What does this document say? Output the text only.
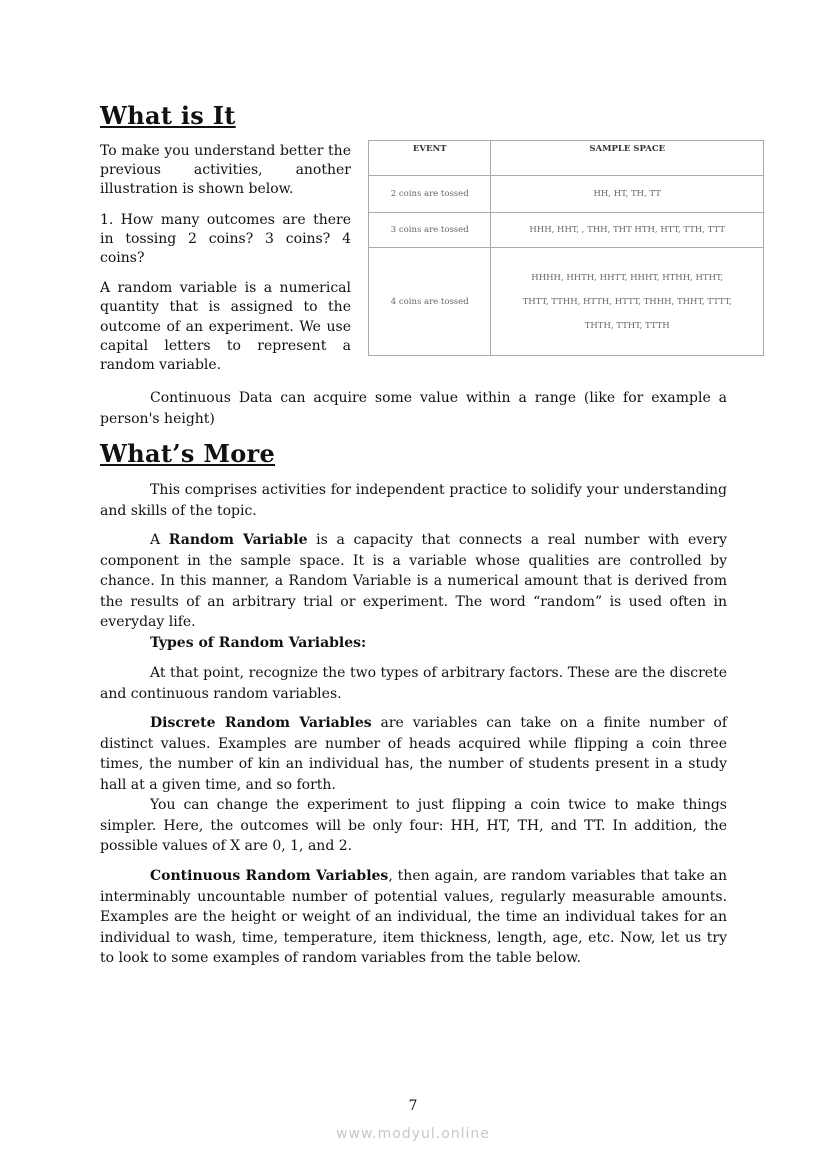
What is It

To make you understand better the previous activities, another illustration is shown below.

1. How many outcomes are there in tossing 2 coins? 3 coins? 4 coins?

A random variable is a numerical quantity that is assigned to the outcome of an experiment. We use capital letters to represent a random variable.

EVENT	SAMPLE SPACE
2 coins are tossed	HH, HT, TH, TT
3 coins are tossed	HHH, HHT, , THH, THT HTH, HTT, TTH, TTT
4 coins are tossed	HHHH, HHTH, HHTT, HHHT, HTHH, HTHT, THTT, TTHH, HTTH, HTTT, THHH, THHT, TTTT, THTH, TTHT, TTTH

Continuous Data can acquire some value within a range (like for example a person's height)

What’s More

This comprises activities for independent practice to solidify your understanding and skills of the topic.

A Random Variable is a capacity that connects a real number with every component in the sample space. It is a variable whose qualities are controlled by chance. In this manner, a Random Variable is a numerical amount that is derived from the results of an arbitrary trial or experiment. The word “random” is used often in everyday life.

Types of Random Variables:

At that point, recognize the two types of arbitrary factors. These are the discrete and continuous random variables.

Discrete Random Variables are variables can take on a finite number of distinct values. Examples are number of heads acquired while flipping a coin three times, the number of kin an individual has, the number of students present in a study hall at a given time, and so forth.

You can change the experiment to just flipping a coin twice to make things simpler. Here, the outcomes will be only four: HH, HT, TH, and TT. In addition, the possible values of X are 0, 1, and 2.

Continuous Random Variables, then again, are random variables that take an interminably uncountable number of potential values, regularly measurable amounts. Examples are the height or weight of an individual, the time an individual takes for an individual to wash, time, temperature, item thickness, length, age, etc. Now, let us try to look to some examples of random variables from the table below.

7
www.modyul.online
